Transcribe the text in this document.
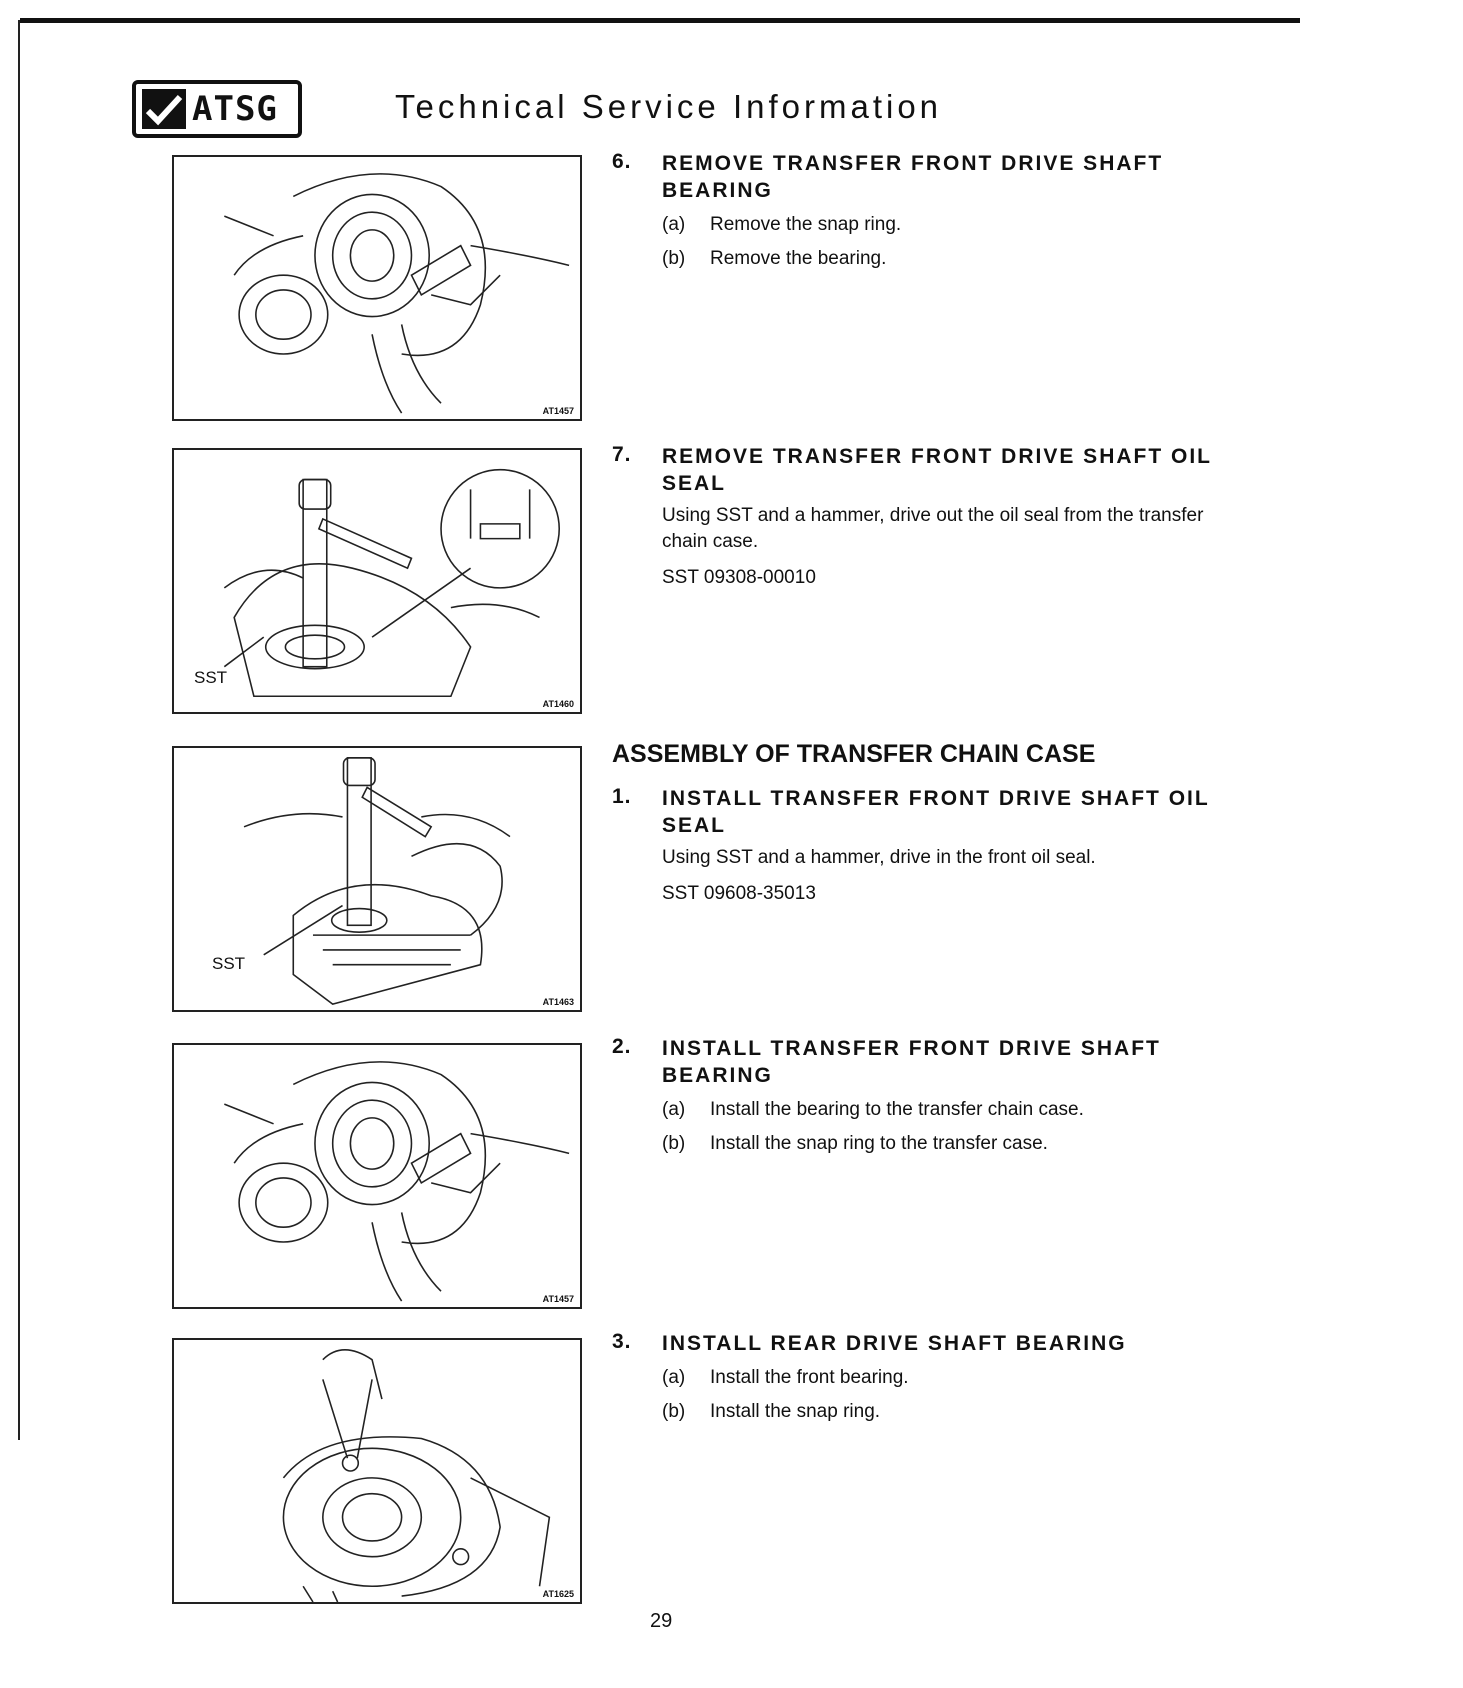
ATSG	Technical Service Information
AT1457
SST
AT1460
SST
AT1463
AT1457
AT1625
6. REMOVE TRANSFER FRONT DRIVE SHAFT BEARING
(a)	Remove the snap ring.
(b)	Remove the bearing.
7. REMOVE TRANSFER FRONT DRIVE SHAFT OIL SEAL
Using SST and a hammer, drive out the oil seal from the transfer chain case.
SST 09308-00010
ASSEMBLY OF TRANSFER CHAIN CASE
1. INSTALL TRANSFER FRONT DRIVE SHAFT OIL SEAL
Using SST and a hammer, drive in the front oil seal.
SST 09608-35013
2. INSTALL TRANSFER FRONT DRIVE SHAFT BEARING
(a)	Install the bearing to the transfer chain case.
(b)	Install the snap ring to the transfer case.
3. INSTALL REAR DRIVE SHAFT BEARING
(a)	Install the front bearing.
(b)	Install the snap ring.
29
